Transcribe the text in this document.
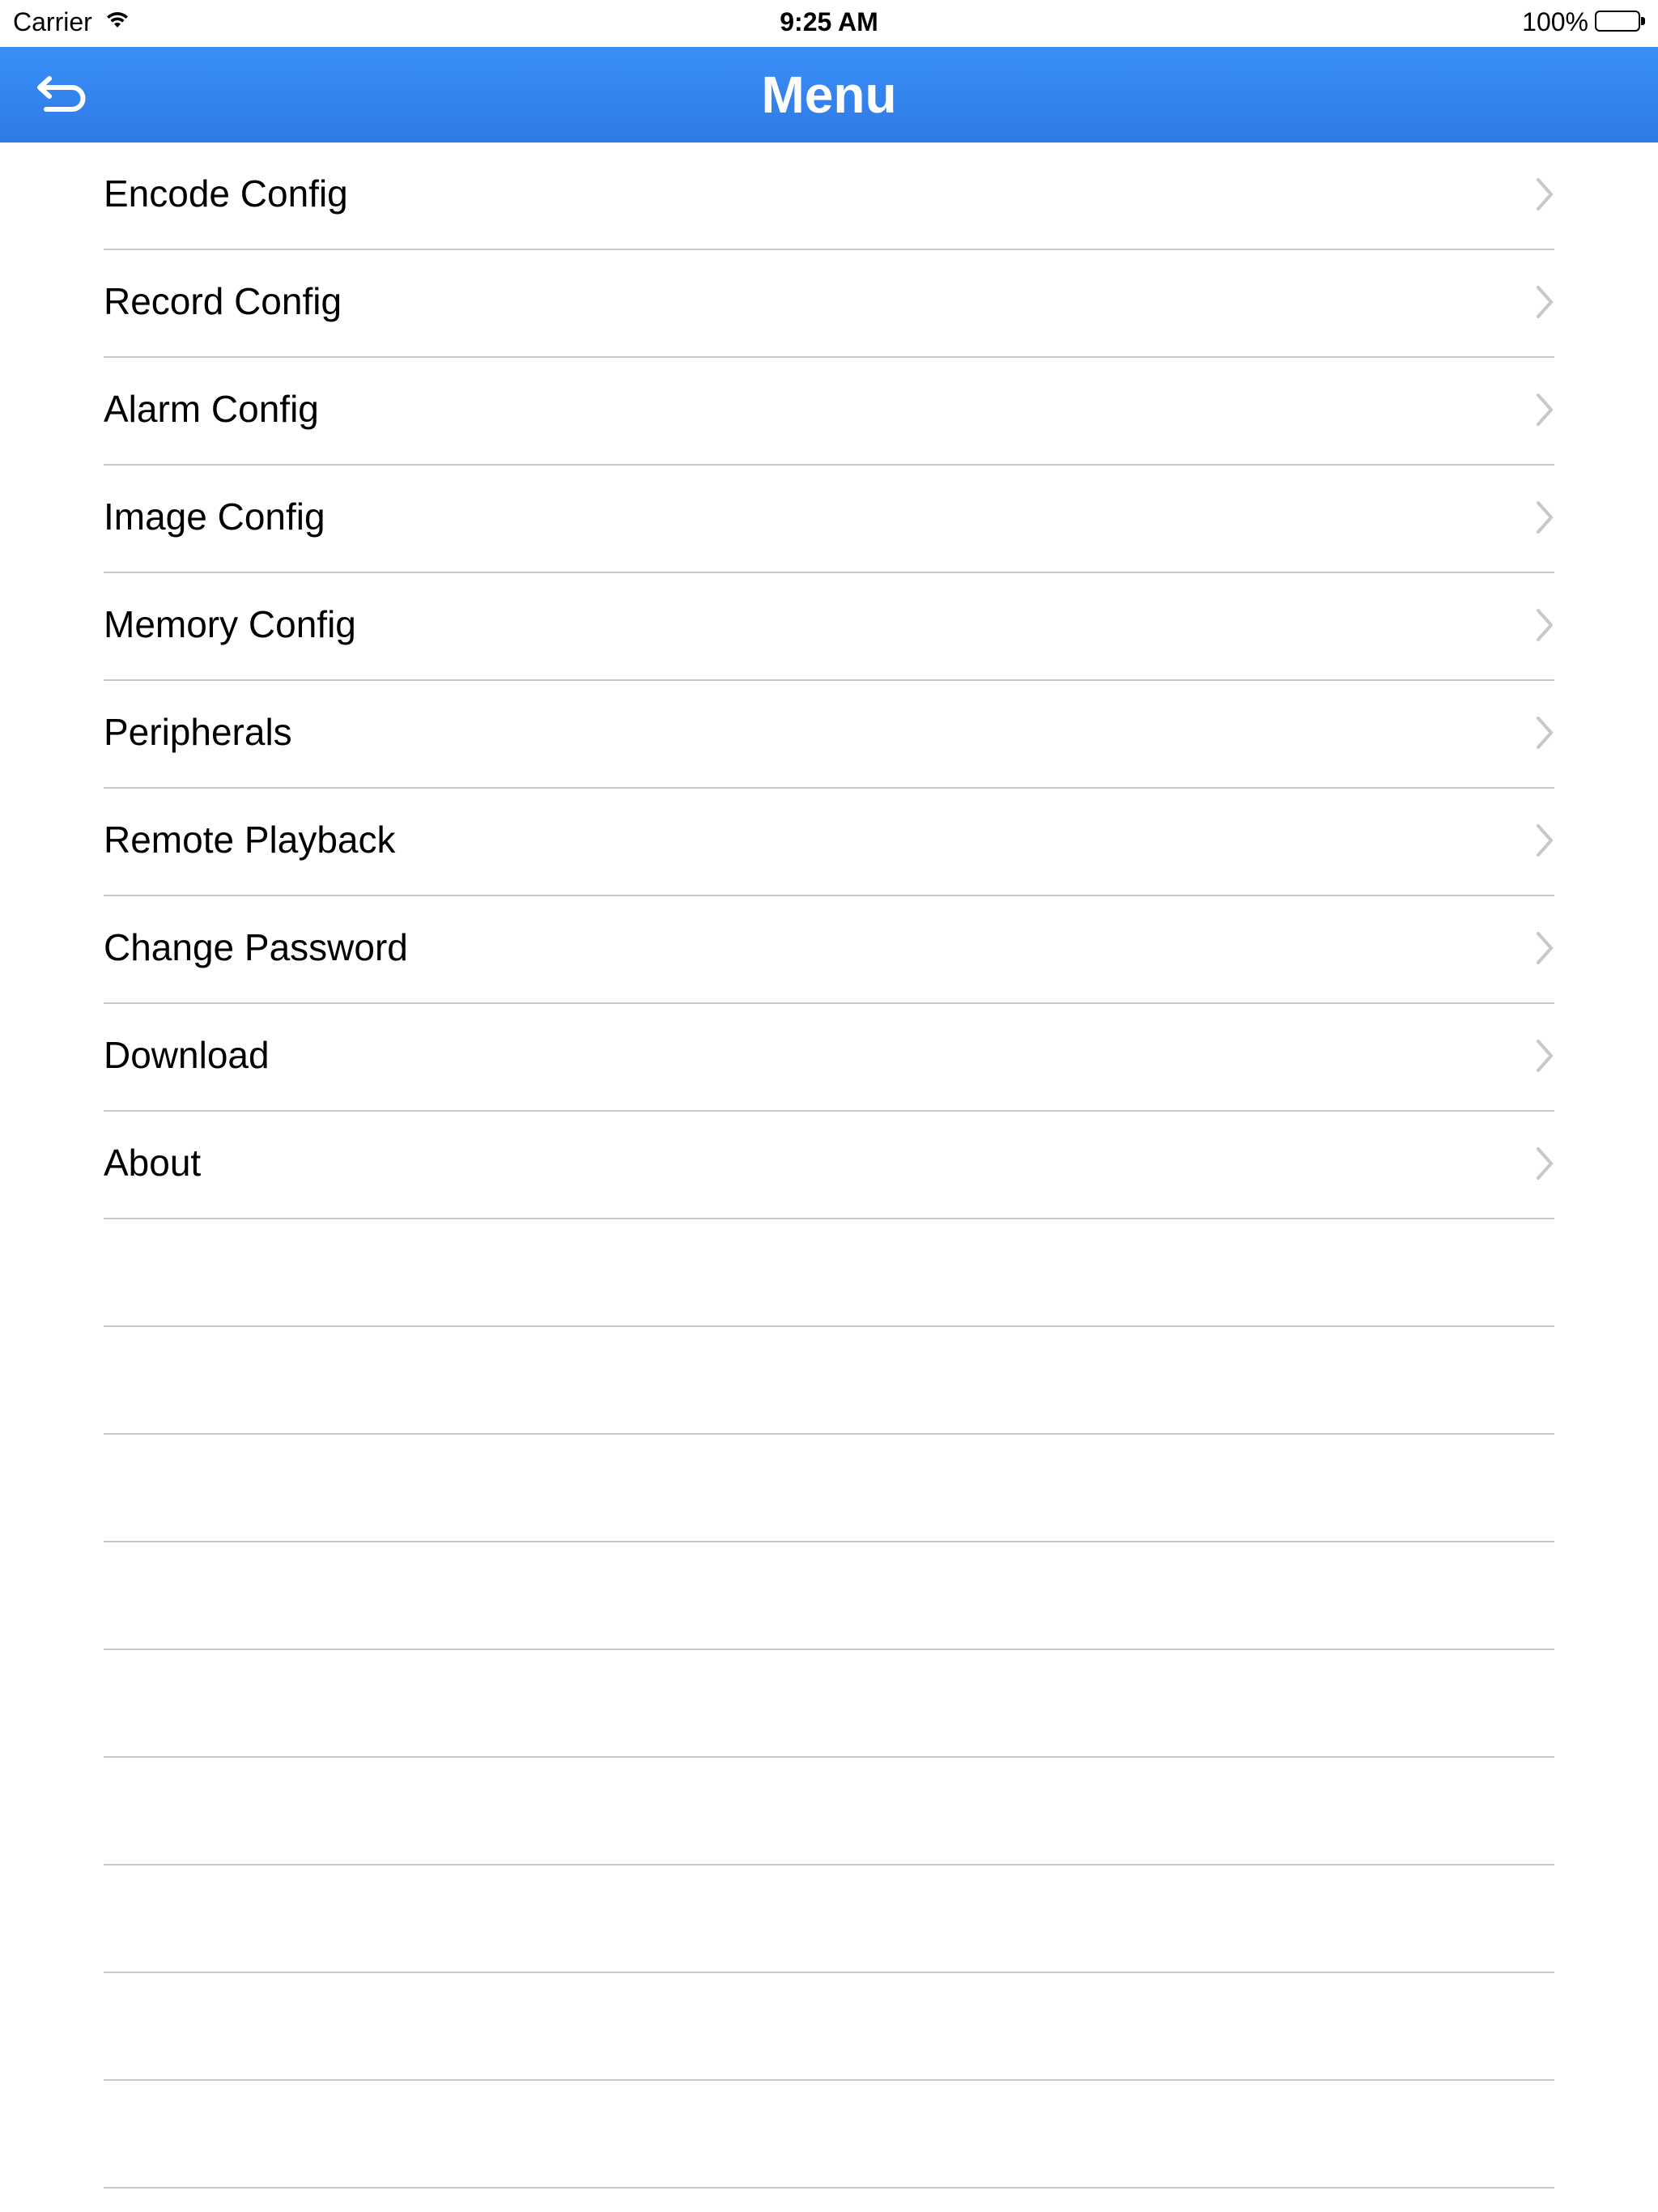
Carrier	9:25 AM	100%
Menu
Encode Config
Record Config
Alarm Config
Image Config
Memory Config
Peripherals
Remote Playback
Change Password
Download
About
